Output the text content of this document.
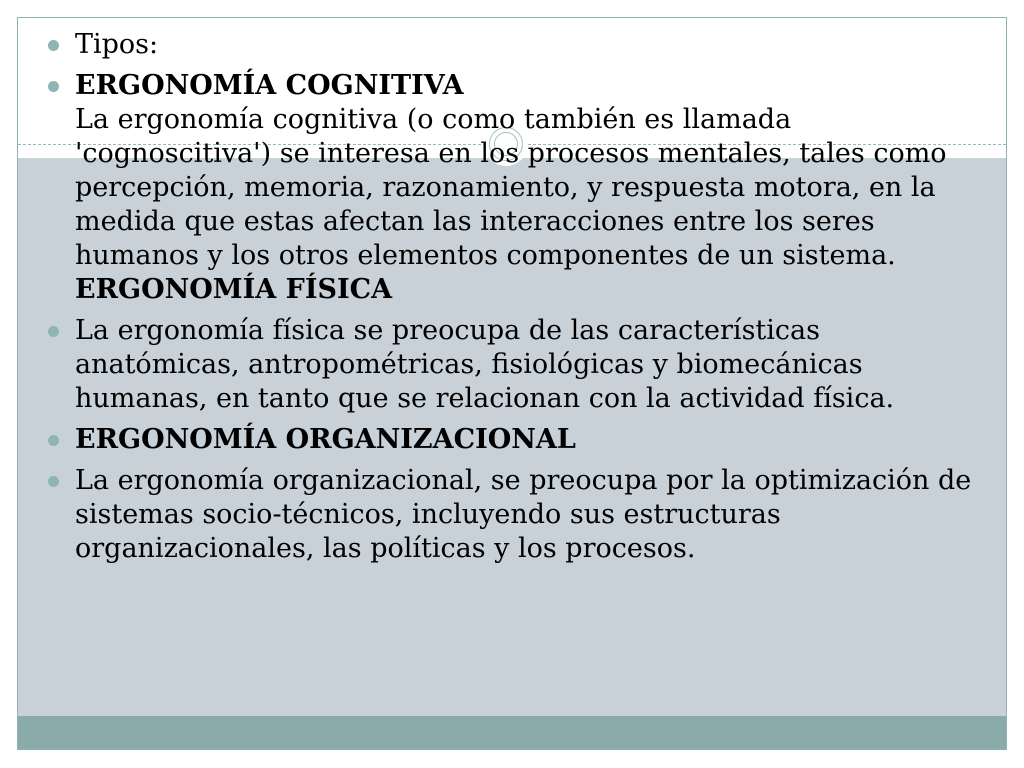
Tipos:
ERGONOMÍA COGNITIVA
La ergonomía cognitiva (o como también es llamada 'cognoscitiva') se interesa en los procesos mentales, tales como percepción, memoria, razonamiento, y respuesta motora, en la medida que estas afectan las interacciones entre los seres humanos y los otros elementos componentes de un sistema.
ERGONOMÍA FÍSICA
La ergonomía física se preocupa de las características anatómicas, antropométricas, fisiológicas y biomecánicas humanas, en tanto que se relacionan con la actividad física.
ERGONOMÍA ORGANIZACIONAL
La ergonomía organizacional, se preocupa por la optimización de sistemas socio-técnicos, incluyendo sus estructuras organizacionales, las políticas y los procesos.
